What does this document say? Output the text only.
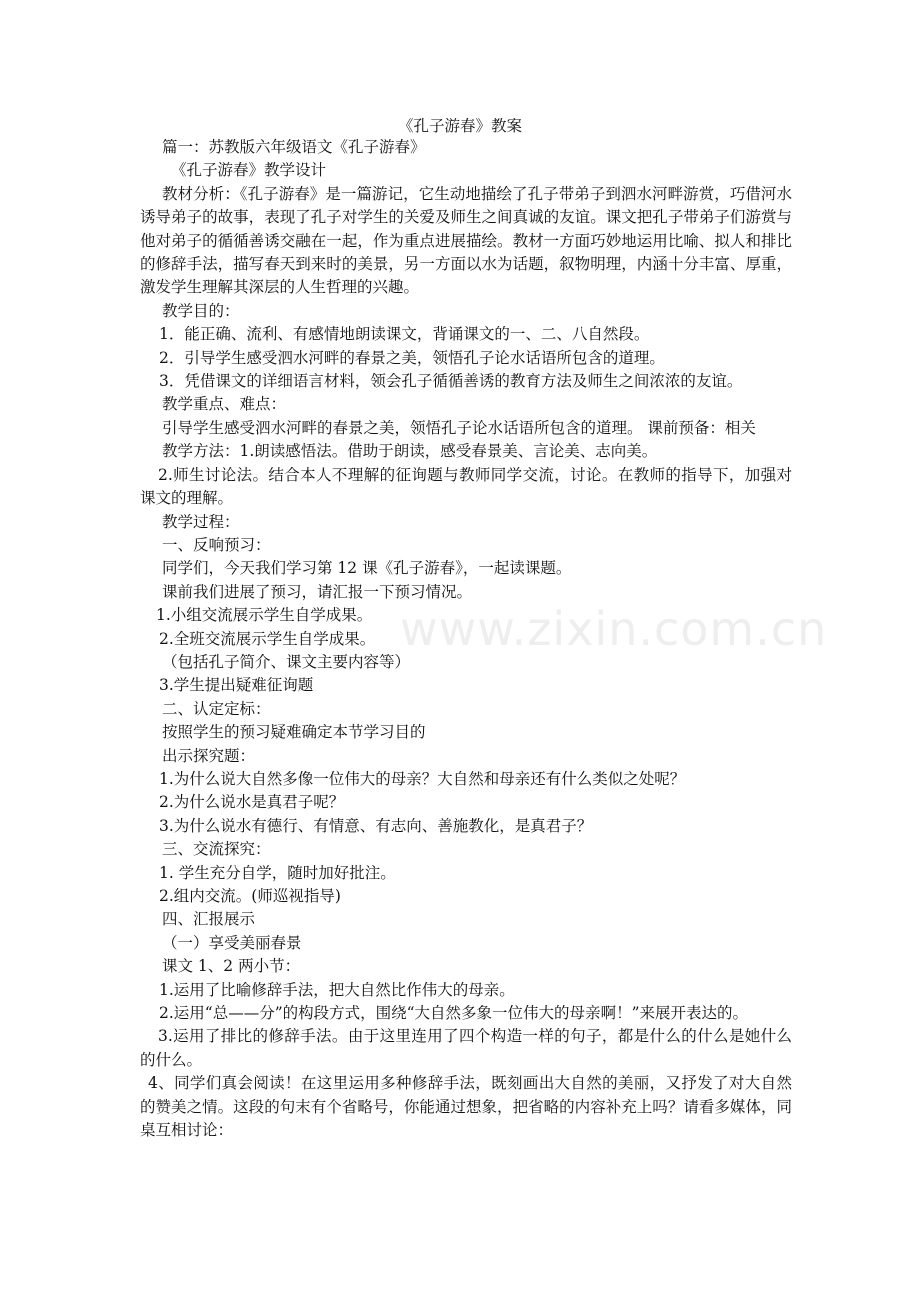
www.zixin.com.cn
《孔子游春》教案

篇一：苏教版六年级语文《孔子游春》

《孔子游春》教学设计

教材分析：《孔子游春》是一篇游记，它生动地描绘了孔子带弟子到泗水河畔游赏，巧借河水诱导弟子的故事，表现了孔子对学生的关爱及师生之间真诚的友谊。课文把孔子带弟子们游赏与他对弟子的循循善诱交融在一起，作为重点进展描绘。教材一方面巧妙地运用比喻、拟人和排比的修辞手法，描写春天到来时的美景，另一方面以水为话题，叙物明理，内涵十分丰富、厚重，激发学生理解其深层的人生哲理的兴趣。

教学目的：

1．能正确、流利、有感情地朗读课文，背诵课文的一、二、八自然段。

2．引导学生感受泗水河畔的春景之美，领悟孔子论水话语所包含的道理。

3．凭借课文的详细语言材料，领会孔子循循善诱的教育方法及师生之间浓浓的友谊。

教学重点、难点：

引导学生感受泗水河畔的春景之美，领悟孔子论水话语所包含的道理。 课前预备：相关

教学方法：1.朗读感悟法。借助于朗读，感受春景美、言论美、志向美。

2.师生讨论法。结合本人不理解的征询题与教师同学交流，讨论。在教师的指导下，加强对课文的理解。

教学过程：

一、反响预习：

同学们，今天我们学习第 12 课《孔子游春》，一起读课题。

课前我们进展了预习，请汇报一下预习情况。

1.小组交流展示学生自学成果。

2.全班交流展示学生自学成果。

（包括孔子简介、课文主要内容等）

3.学生提出疑难征询题

二、认定定标：

按照学生的预习疑难确定本节学习目的

出示探究题：

1.为什么说大自然多像一位伟大的母亲？大自然和母亲还有什么类似之处呢？

2.为什么说水是真君子呢？

3.为什么说水有德行、有情意、有志向、善施教化，是真君子？

三、交流探究：

1. 学生充分自学，随时加好批注。

2.组内交流。(师巡视指导)

四、汇报展示

（一）享受美丽春景

课文 1、2 两小节：

1.运用了比喻修辞手法，把大自然比作伟大的母亲。

2.运用“总——分”的构段方式，围绕“大自然多象一位伟大的母亲啊！”来展开表达的。

3.运用了排比的修辞手法。由于这里连用了四个构造一样的句子，都是什么的什么是她什么的什么。

4、同学们真会阅读！在这里运用多种修辞手法，既刻画出大自然的美丽，又抒发了对大自然的赞美之情。这段的句末有个省略号，你能通过想象，把省略的内容补充上吗？请看多媒体，同桌互相讨论：
